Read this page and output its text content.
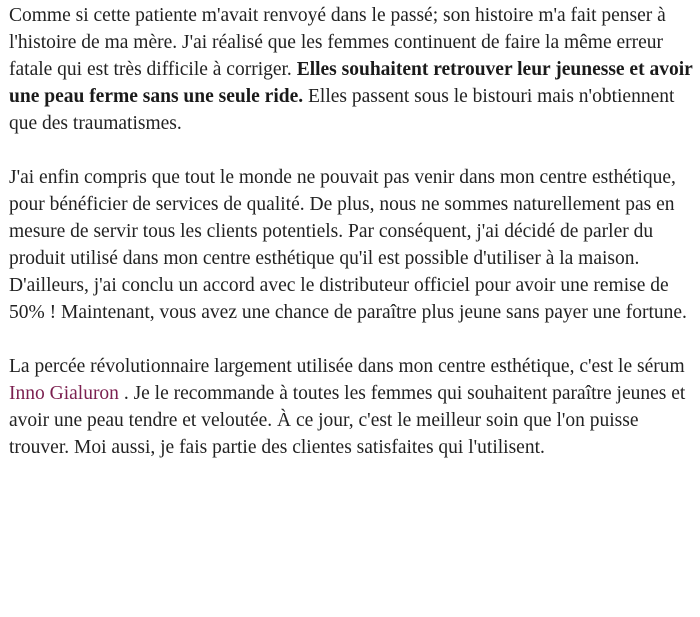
Comme si cette patiente m'avait renvoyé dans le passé; son histoire m'a fait penser à l'histoire de ma mère. J'ai réalisé que les femmes continuent de faire la même erreur fatale qui est très difficile à corriger. Elles souhaitent retrouver leur jeunesse et avoir une peau ferme sans une seule ride. Elles passent sous le bistouri mais n'obtiennent que des traumatismes.

J'ai enfin compris que tout le monde ne pouvait pas venir dans mon centre esthétique, pour bénéficier de services de qualité. De plus, nous ne sommes naturellement pas en mesure de servir tous les clients potentiels. Par conséquent, j'ai décidé de parler du produit utilisé dans mon centre esthétique qu'il est possible d'utiliser à la maison. D'ailleurs, j'ai conclu un accord avec le distributeur officiel pour avoir une remise de 50% ! Maintenant, vous avez une chance de paraître plus jeune sans payer une fortune.

La percée révolutionnaire largement utilisée dans mon centre esthétique, c'est le sérum Inno Gialuron . Je le recommande à toutes les femmes qui souhaitent paraître jeunes et avoir une peau tendre et veloutée. À ce jour, c'est le meilleur soin que l'on puisse trouver. Moi aussi, je fais partie des clientes satisfaites qui l'utilisent.
